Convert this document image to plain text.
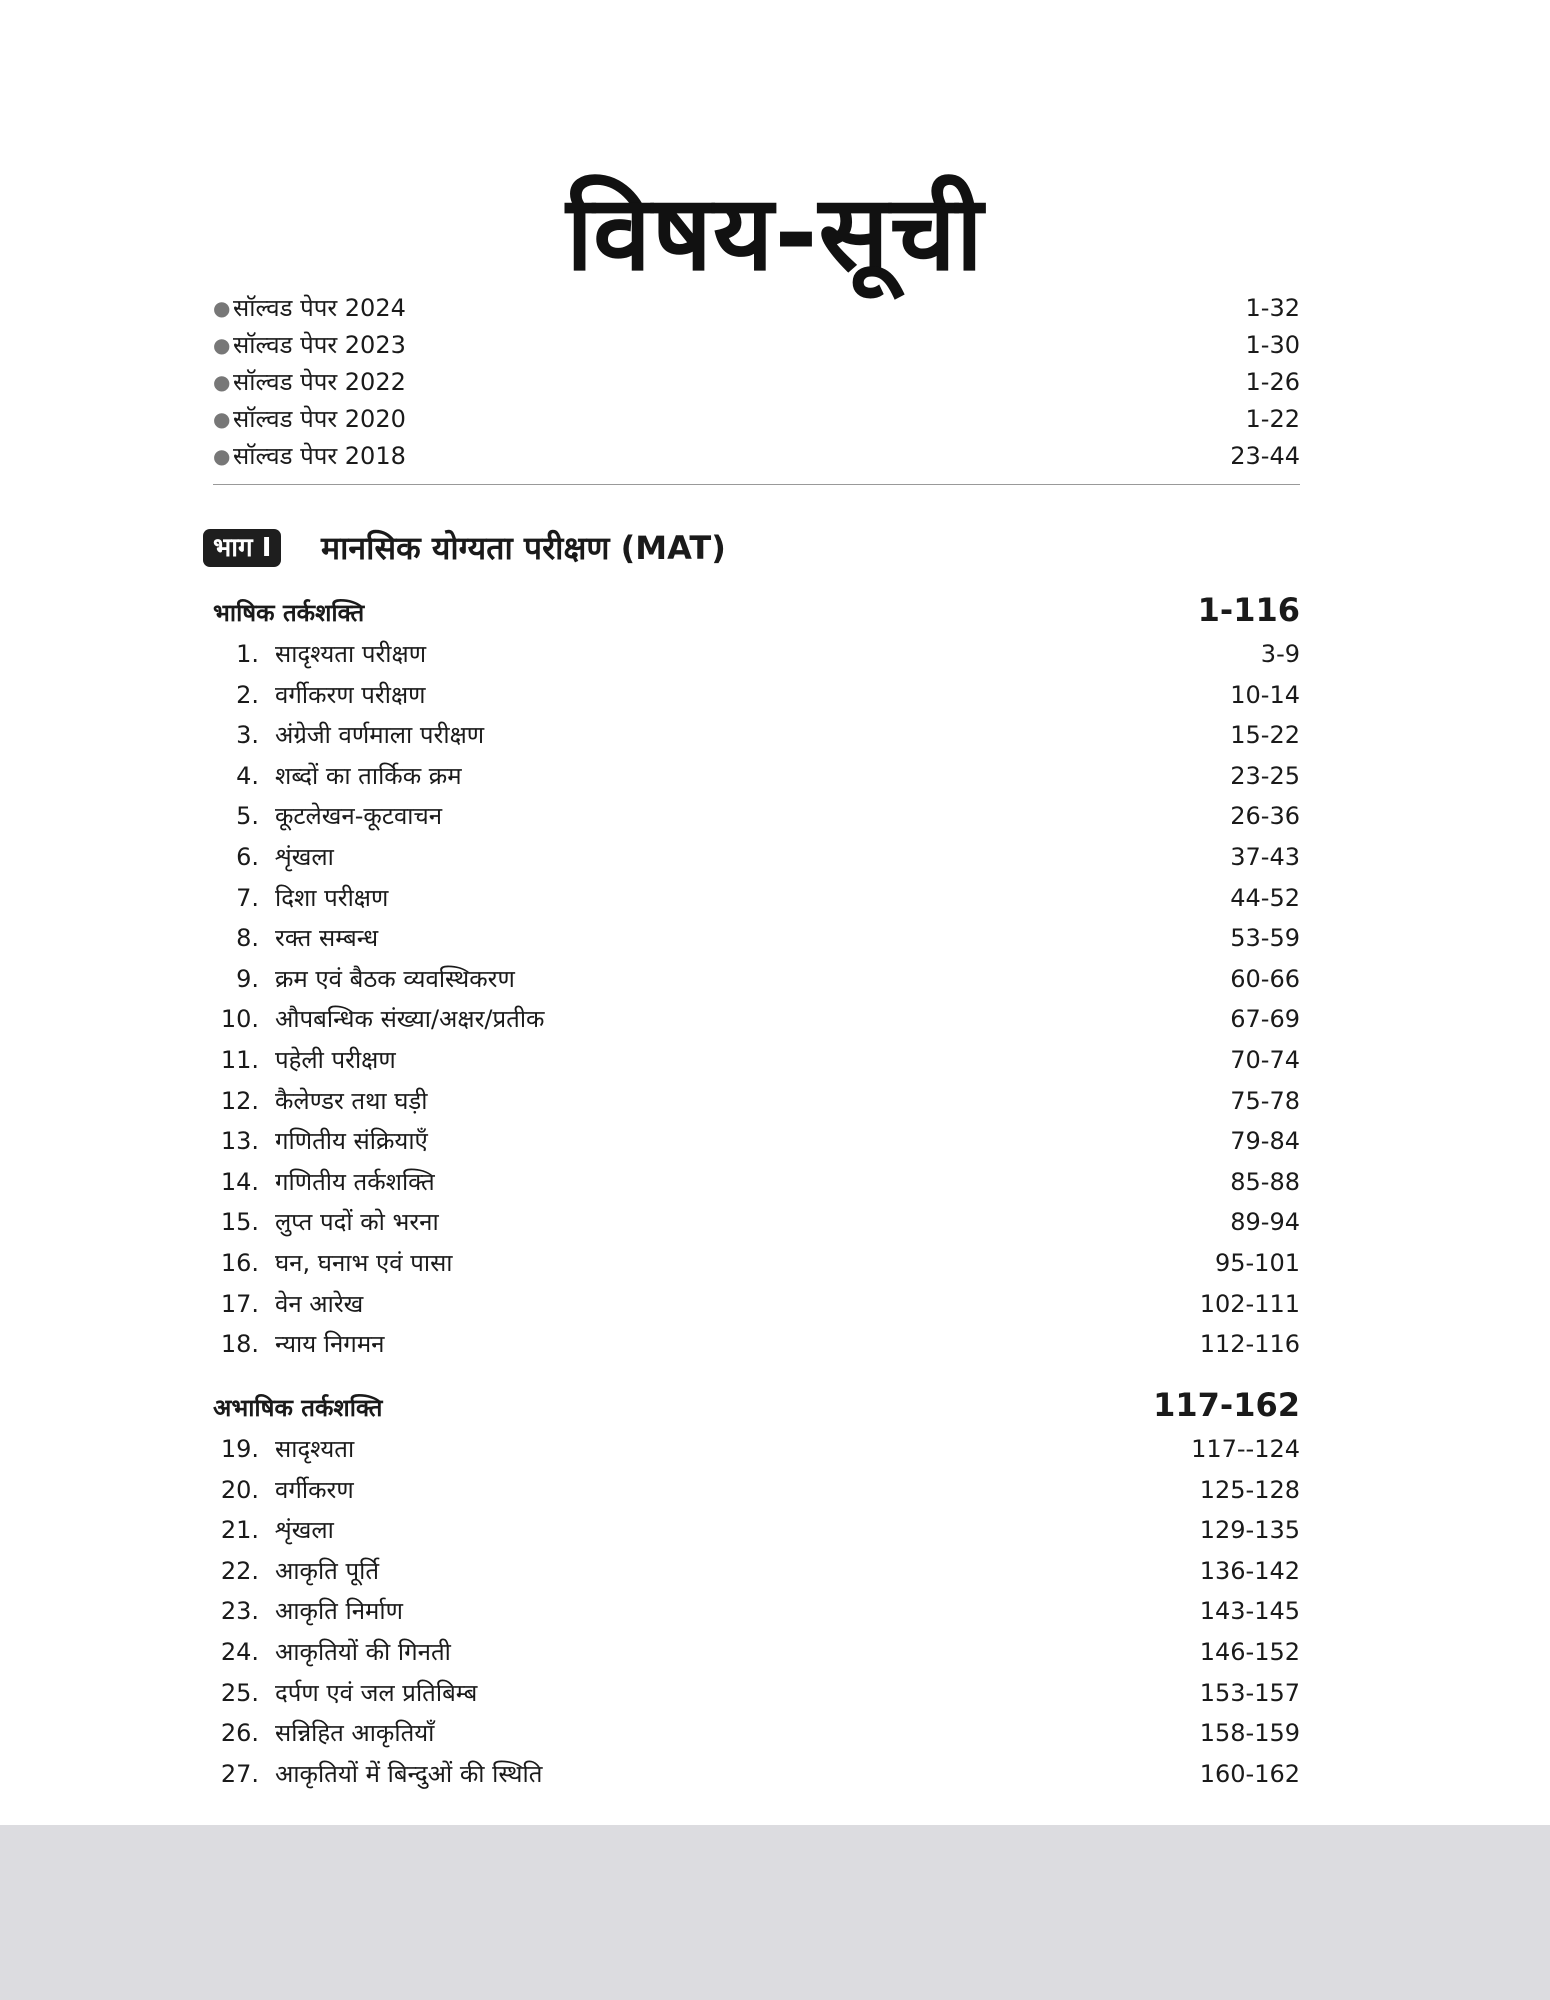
विषय-सूची
● सॉल्वड पेपर 2024	1-32
● सॉल्वड पेपर 2023	1-30
● सॉल्वड पेपर 2022	1-26
● सॉल्वड पेपर 2020	1-22
● सॉल्वड पेपर 2018	23-44
भाग I	मानसिक योग्यता परीक्षण (MAT)
भाषिक तर्कशक्ति	1-116
1. सादृश्यता परीक्षण	3-9
2. वर्गीकरण परीक्षण	10-14
3. अंग्रेजी वर्णमाला परीक्षण	15-22
4. शब्दों का तार्किक क्रम	23-25
5. कूटलेखन-कूटवाचन	26-36
6. शृंखला	37-43
7. दिशा परीक्षण	44-52
8. रक्त सम्बन्ध	53-59
9. क्रम एवं बैठक व्यवस्थिकरण	60-66
10. औपबन्धिक संख्या/अक्षर/प्रतीक	67-69
11. पहेली परीक्षण	70-74
12. कैलेण्डर तथा घड़ी	75-78
13. गणितीय संक्रियाएँ	79-84
14. गणितीय तर्कशक्ति	85-88
15. लुप्त पदों को भरना	89-94
16. घन, घनाभ एवं पासा	95-101
17. वेन आरेख	102-111
18. न्याय निगमन	112-116
अभाषिक तर्कशक्ति	117-162
19. सादृश्यता	117--124
20. वर्गीकरण	125-128
21. शृंखला	129-135
22. आकृति पूर्ति	136-142
23. आकृति निर्माण	143-145
24. आकृतियों की गिनती	146-152
25. दर्पण एवं जल प्रतिबिम्ब	153-157
26. सन्निहित आकृतियाँ	158-159
27. आकृतियों में बिन्दुओं की स्थिति	160-162
